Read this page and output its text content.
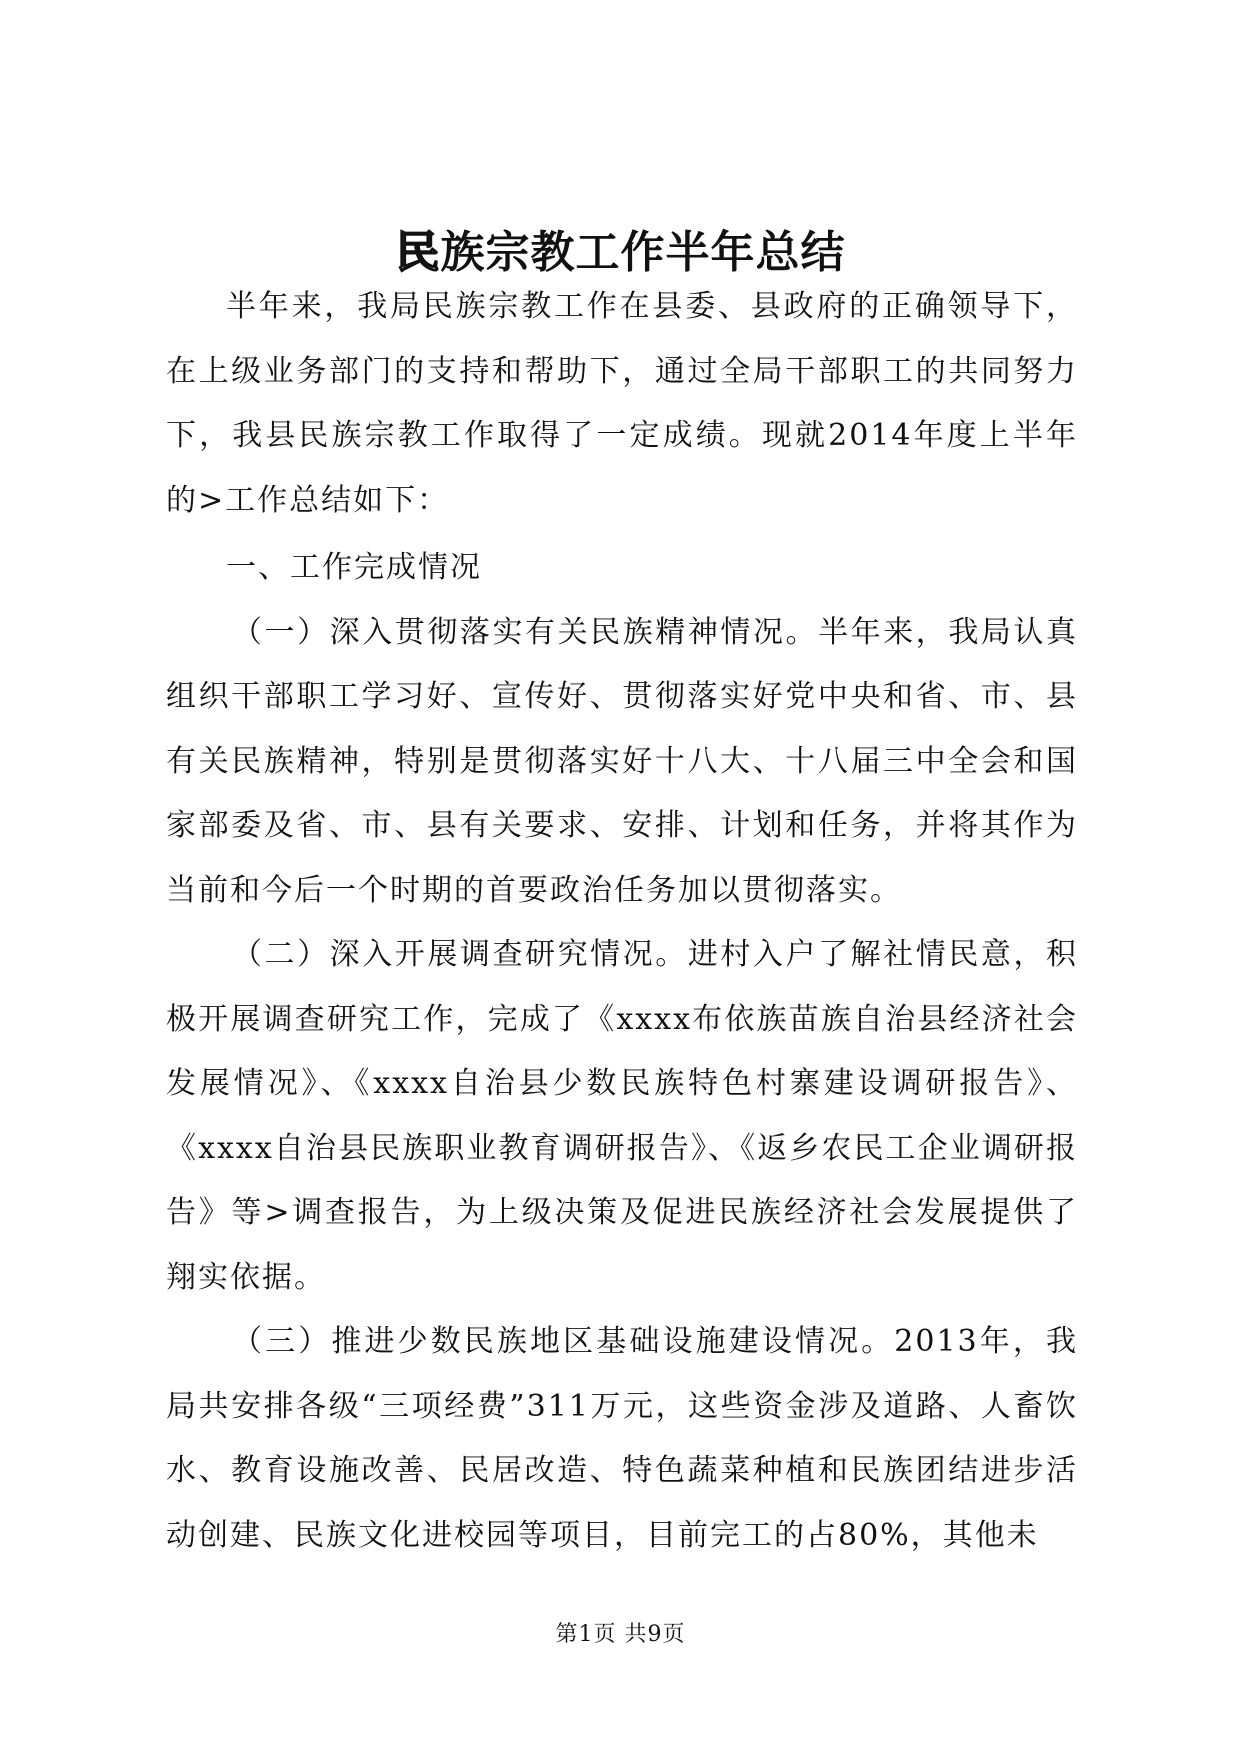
民族宗教工作半年总结

半年来，我局民族宗教工作在县委、县政府的正确领导下，在上级业务部门的支持和帮助下，通过全局干部职工的共同努力下，我县民族宗教工作取得了一定成绩。现就2014年度上半年的>工作总结如下：

一、工作完成情况

（一）深入贯彻落实有关民族精神情况。半年来，我局认真组织干部职工学习好、宣传好、贯彻落实好党中央和省、市、县有关民族精神，特别是贯彻落实好十八大、十八届三中全会和国家部委及省、市、县有关要求、安排、计划和任务，并将其作为当前和今后一个时期的首要政治任务加以贯彻落实。

（二）深入开展调查研究情况。进村入户了解社情民意，积极开展调查研究工作，完成了《xxxx布依族苗族自治县经济社会发展情况》、《xxxx自治县少数民族特色村寨建设调研报告》、《xxxx自治县民族职业教育调研报告》、《返乡农民工企业调研报告》等>调查报告，为上级决策及促进民族经济社会发展提供了翔实依据。

（三）推进少数民族地区基础设施建设情况。2013年，我局共安排各级“三项经费”311万元，这些资金涉及道路、人畜饮水、教育设施改善、民居改造、特色蔬菜种植和民族团结进步活动创建、民族文化进校园等项目，目前完工的占80%，其他未

第1页 共9页
